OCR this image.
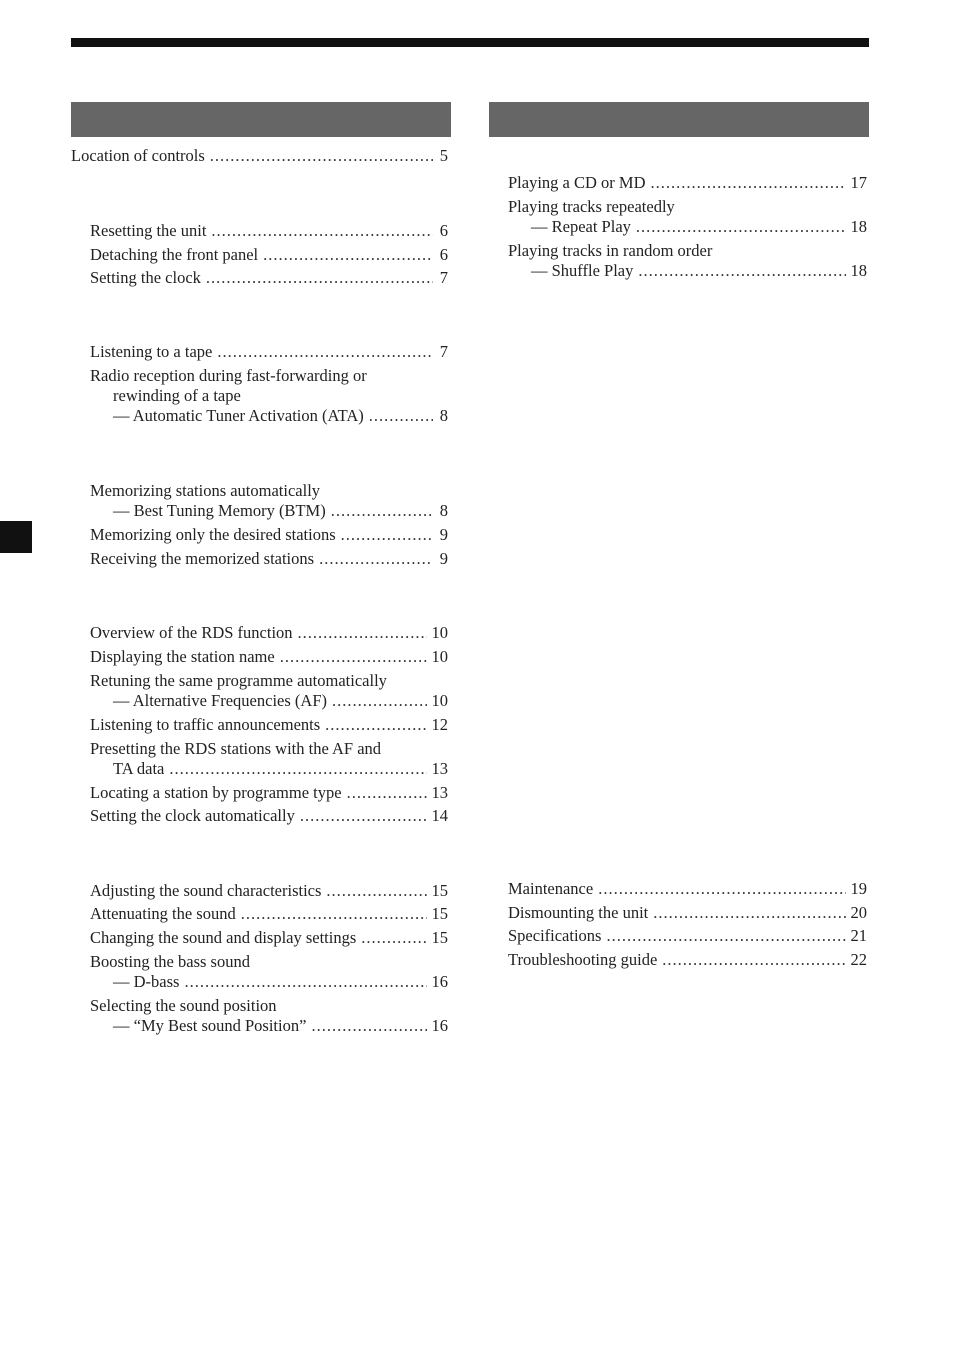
Location of controls .....	5
Resetting the unit .....	6
Detaching the front panel .....	6
Setting the clock .....	7
Listening to a tape .....	7
Radio reception during fast-forwarding or
rewinding of a tape
— Automatic Tuner Activation (ATA) .....	8
Memorizing stations automatically
— Best Tuning Memory (BTM) .....	8
Memorizing only the desired stations .....	9
Receiving the memorized stations .....	9
Overview of the RDS function .....	10
Displaying the station name .....	10
Retuning the same programme automatically
— Alternative Frequencies (AF) .....	10
Listening to traffic announcements .....	12
Presetting the RDS stations with the AF and
TA data .....	13
Locating a station by programme type .....	13
Setting the clock automatically .....	14
Adjusting the sound characteristics .....	15
Attenuating the sound .....	15
Changing the sound and display settings .....	15
Boosting the bass sound
— D-bass .....	16
Selecting the sound position
— “My Best sound Position” .....	16
Playing a CD or MD .....	17
Playing tracks repeatedly
— Repeat Play .....	18
Playing tracks in random order
— Shuffle Play .....	18
Maintenance .....	19
Dismounting the unit .....	20
Specifications .....	21
Troubleshooting guide .....	22
